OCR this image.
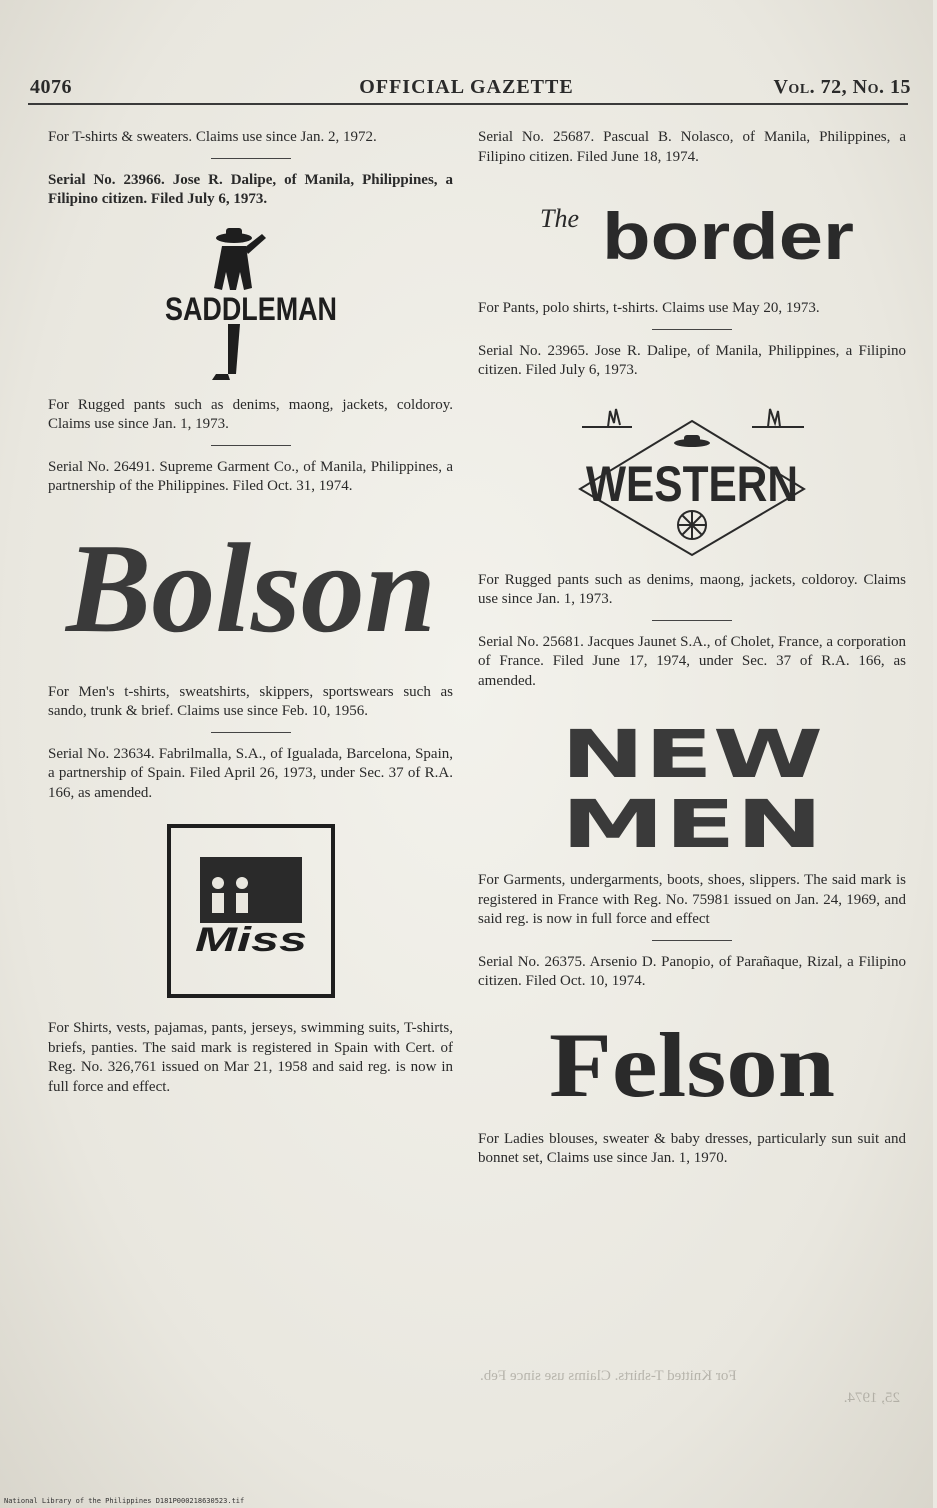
4076	OFFICIAL GAZETTE	Vol. 72, No. 15

For T-shirts & sweaters. Claims use since Jan. 2, 1972.

Serial No. 23966. Jose R. Dalipe, of Manila, Philippines, a Filipino citizen. Filed July 6, 1973.

SADDLEMAN

For Rugged pants such as denims, maong, jackets, coldoroy. Claims use since Jan. 1, 1973.

Serial No. 26491. Supreme Garment Co., of Manila, Philippines, a partnership of the Philippines. Filed Oct. 31, 1974.

Bolson

For Men's t-shirts, sweatshirts, skippers, sportswears such as sando, trunk & brief. Claims use since Feb. 10, 1956.

Serial No. 23634. Fabrilmalla, S.A., of Igualada, Barcelona, Spain, a partnership of Spain. Filed April 26, 1973, under Sec. 37 of R.A. 166, as amended.

Miss

For Shirts, vests, pajamas, pants, jerseys, swimming suits, T-shirts, briefs, panties. The said mark is registered in Spain with Cert. of Reg. No. 326,761 issued on Mar 21, 1958 and said reg. is now in full force and effect.

Serial No. 25687. Pascual B. Nolasco, of Manila, Philippines, a Filipino citizen. Filed June 18, 1974.

The border

For Pants, polo shirts, t-shirts. Claims use May 20, 1973.

Serial No. 23965. Jose R. Dalipe, of Manila, Philippines, a Filipino citizen. Filed July 6, 1973.

WESTERN

For Rugged pants such as denims, maong, jackets, coldoroy. Claims use since Jan. 1, 1973.

Serial No. 25681. Jacques Jaunet S.A., of Cholet, France, a corporation of France. Filed June 17, 1974, under Sec. 37 of R.A. 166, as amended.

NEW
MEN

For Garments, undergarments, boots, shoes, slippers. The said mark is registered in France with Reg. No. 75981 issued on Jan. 24, 1969, and said reg. is now in full force and effect

Serial No. 26375. Arsenio D. Panopio, of Parañaque, Rizal, a Filipino citizen. Filed Oct. 10, 1974.

Felson

For Ladies blouses, sweater & baby dresses, particularly sun suit and bonnet set, Claims use since Jan. 1, 1970.

For Knitted T-shirts. Claims use since Feb.
25, 1974.
National Library of the Philippines D181P000218630523.tif
